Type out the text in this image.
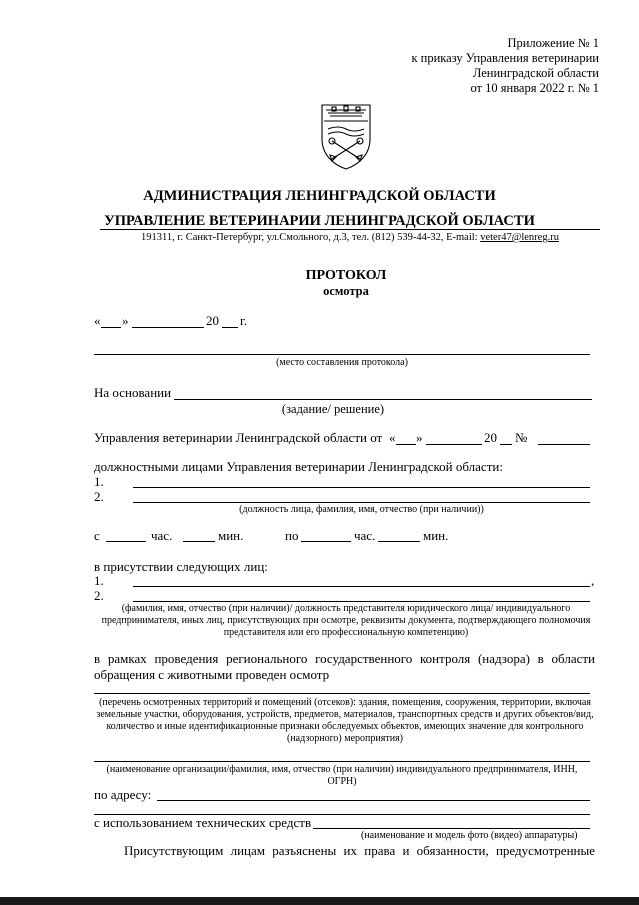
Приложение № 1
к приказу Управления ветеринарии
Ленинградской области
от 10 января 2022 г. № 1
АДМИНИСТРАЦИЯ ЛЕНИНГРАДСКОЙ ОБЛАСТИ
УПРАВЛЕНИЕ ВЕТЕРИНАРИИ ЛЕНИНГРАДСКОЙ ОБЛАСТИ
191311, г. Санкт-Петербург, ул.Смольного, д.3, тел. (812) 539-44-32, E-mail: veter47@lenreg.ru
ПРОТОКОЛ
осмотра
« »	20 г.
(место составления протокола)
На основании
(задание/ решение)
Управления ветеринарии Ленинградской области от « »	20 №
должностными лицами Управления ветеринарии Ленинградской области:
1.
2.
(должность лица, фамилия, имя, отчество (при наличии))
с	час.	мин.	по	час.	мин.
в присутствии следующих лиц:
1.	,
2.
(фамилия, имя, отчество (при наличии)/ должность представителя юридического лица/ индивидуального предпринимателя, иных лиц, присутствующих при осмотре, реквизиты документа, подтверждающего полномочия представителя или его профессиональную компетенцию)
в рамках проведения регионального государственного контроля (надзора) в области обращения с животными проведен осмотр
(перечень осмотренных территорий и помещений (отсеков): здания, помещения, сооружения, территории, включая земельные участки, оборудования, устройств, предметов, материалов, транспортных средств и других объектов/вид, количество и иные идентификационные признаки обследуемых объектов, имеющих значение для контрольного (надзорного) мероприятия)
(наименование организации/фамилия, имя, отчество (при наличии) индивидуального предпринимателя, ИНН, ОГРН)
по адресу:
с использованием технических средств
(наименование и модель фото (видео) аппаратуры)
Присутствующим лицам разъяснены их права и обязанности, предусмотренные
